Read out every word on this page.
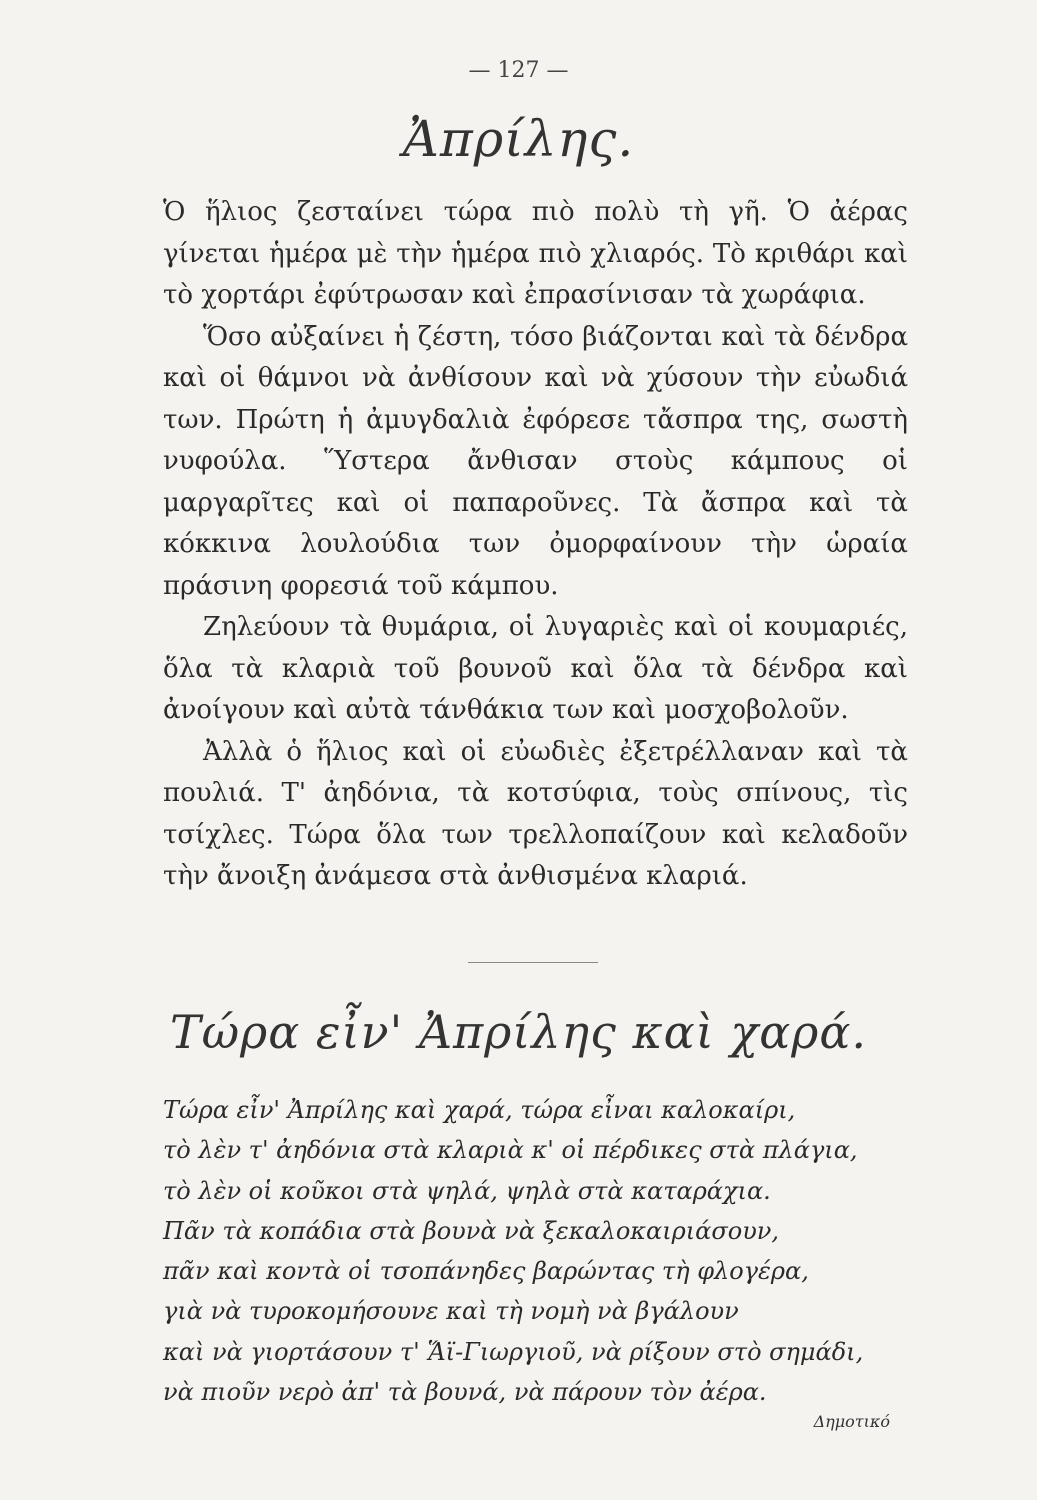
— 127 —
Ἀπρίλης.

Ὁ ἥλιος ζεσταίνει τώρα πιὸ πολὺ τὴ γῆ. Ὁ ἀέρας γίνεται ἡμέρα μὲ τὴν ἡμέρα πιὸ χλιαρός. Τὸ κριθάρι καὶ τὸ χορτάρι ἐφύτρωσαν καὶ ἐπρασίνισαν τὰ χωράφια.

Ὅσο αὐξαίνει ἡ ζέστη, τόσο βιάζονται καὶ τὰ δένδρα καὶ οἱ θάμνοι νὰ ἀνθίσουν καὶ νὰ χύσουν τὴν εὐωδιά των. Πρώτη ἡ ἀμυγδαλιὰ ἐφόρεσε τἄσπρα της, σωστὴ νυφούλα. Ὕστερα ἄνθισαν στοὺς κάμπους οἱ μαργαρῖτες καὶ οἱ παπαροῦνες. Τὰ ἄσπρα καὶ τὰ κόκκινα λουλούδια των ὀμορφαίνουν τὴν ὡραία πράσινη φορεσιά τοῦ κάμπου.

Ζηλεύουν τὰ θυμάρια, οἱ λυγαριὲς καὶ οἱ κουμαριές, ὅλα τὰ κλαριὰ τοῦ βουνοῦ καὶ ὅλα τὰ δένδρα καὶ ἀνοίγουν καὶ αὐτὰ τάνθάκια των καὶ μοσχοβολοῦν.

Ἀλλὰ ὁ ἥλιος καὶ οἱ εὐωδιὲς ἐξετρέλλαναν καὶ τὰ πουλιά. Τ' ἀηδόνια, τὰ κοτσύφια, τοὺς σπίνους, τὶς τσίχλες. Τώρα ὅλα των τρελλοπαίζουν καὶ κελαδοῦν τὴν ἄνοιξη ἀνάμεσα στὰ ἀνθισμένα κλαριά.

Τώρα εἶν' Ἀπρίλης καὶ χαρά.
Τώρα εἶν' Ἀπρίλης καὶ χαρά, τώρα εἶναι καλοκαίρι,
τὸ λὲν τ' ἀηδόνια στὰ κλαριὰ κ' οἱ πέρδικες στὰ πλάγια,
τὸ λὲν οἱ κοῦκοι στὰ ψηλά, ψηλὰ στὰ καταράχια.
Πᾶν τὰ κοπάδια στὰ βουνὰ νὰ ξεκαλοκαιριάσουν,
πᾶν καὶ κοντὰ οἱ τσοπάνηδες βαρώντας τὴ φλογέρα,
γιὰ νὰ τυροκομήσουνε καὶ τὴ νομὴ νὰ βγάλουν
καὶ νὰ γιορτάσουν τ' Ἅϊ-Γιωργιοῦ, νὰ ρίξουν στὸ σημάδι,
νὰ πιοῦν νερὸ ἀπ' τὰ βουνά, νὰ πάρουν τὸν ἀέρα.
Δημοτικό
